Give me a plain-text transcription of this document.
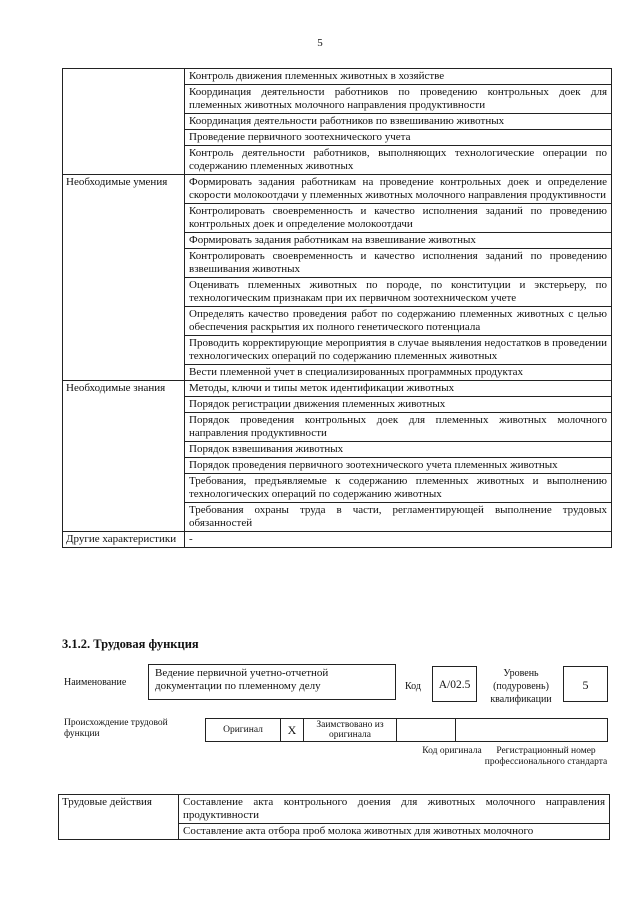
5
	Контроль движения племенных животных в хозяйстве
	Координация деятельности работников по проведению контрольных доек для племенных животных молочного направления продуктивности
	Координация деятельности работников по взвешиванию животных
	Проведение первичного зоотехнического учета
	Контроль деятельности работников, выполняющих технологические операции по содержанию племенных животных
Необходимые умения	Формировать задания работникам на проведение контрольных доек и определение скорости молокоотдачи у племенных животных молочного направления продуктивности
	Контролировать своевременность и качество исполнения заданий по проведению контрольных доек и определение молокоотдачи
	Формировать задания работникам на взвешивание животных
	Контролировать своевременность и качество исполнения заданий по проведению взвешивания животных
	Оценивать племенных животных по породе, по конституции и экстерьеру, по технологическим признакам при их первичном зоотехническом учете
	Определять качество проведения работ по содержанию племенных животных с целью обеспечения раскрытия их полного генетического потенциала
	Проводить корректирующие мероприятия в случае выявления недостатков в проведении технологических операций по содержанию племенных животных
	Вести племенной учет в специализированных программных продуктах
Необходимые знания	Методы, ключи и типы меток идентификации животных
	Порядок регистрации движения племенных животных
	Порядок проведения контрольных доек для племенных животных молочного направления продуктивности
	Порядок взвешивания животных
	Порядок проведения первичного зоотехнического учета племенных животных
	Требования, предъявляемые к содержанию племенных животных и выполнению технологических операций по содержанию животных
	Требования охраны труда в части, регламентирующей выполнение трудовых обязанностей
Другие характеристики	-
3.1.2. Трудовая функция
Наименование
Ведение первичной учетно-отчетной документации по племенному делу	Код	А/02.5
Уровень (подуровень) квалификации
5
Происхождение трудовой функции	Оригинал	X	Заимствовано из оригинала		
Код оригинала	Регистрационный номер профессионального стандарта
Трудовые действия	Составление акта контрольного доения для животных молочного направления продуктивности
Составление акта отбора проб молока животных для животных молочного
